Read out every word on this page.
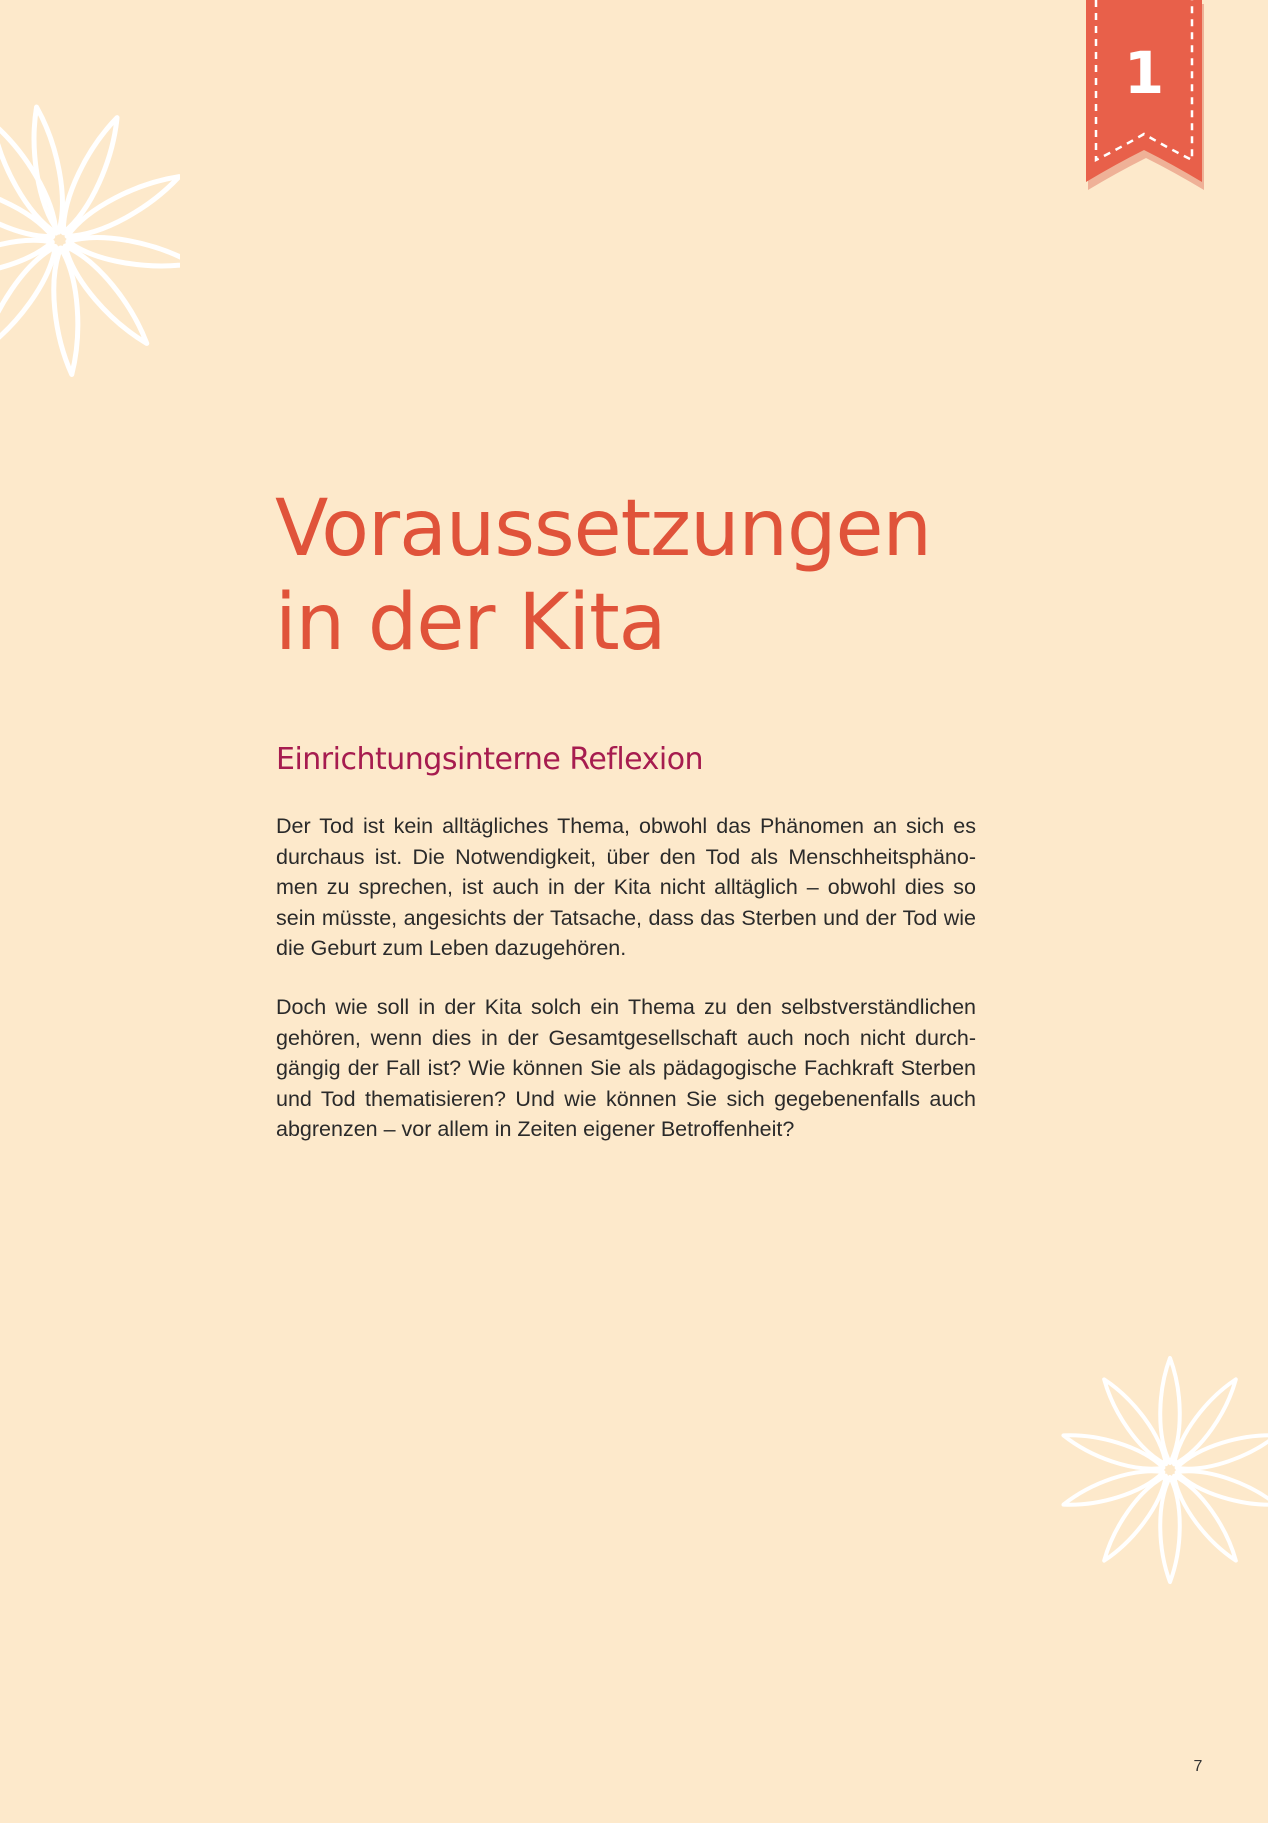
1
Voraussetzungen
in der Kita
Einrichtungsinterne Reflexion

Der Tod ist kein alltägliches Thema, obwohl das Phänomen an sich es
durchaus ist. Die Notwendigkeit, über den Tod als Menschheitsphäno-
men zu sprechen, ist auch in der Kita nicht alltäglich – obwohl dies so
sein müsste, angesichts der Tatsache, dass das Sterben und der Tod wie
die Geburt zum Leben dazugehören.

Doch wie soll in der Kita solch ein Thema zu den selbstverständlichen
gehören, wenn dies in der Gesamtgesellschaft auch noch nicht durch-
gängig der Fall ist? Wie können Sie als pädagogische Fachkraft Sterben
und Tod thematisieren? Und wie können Sie sich gegebenenfalls auch
abgrenzen – vor allem in Zeiten eigener Betroffenheit?

7
